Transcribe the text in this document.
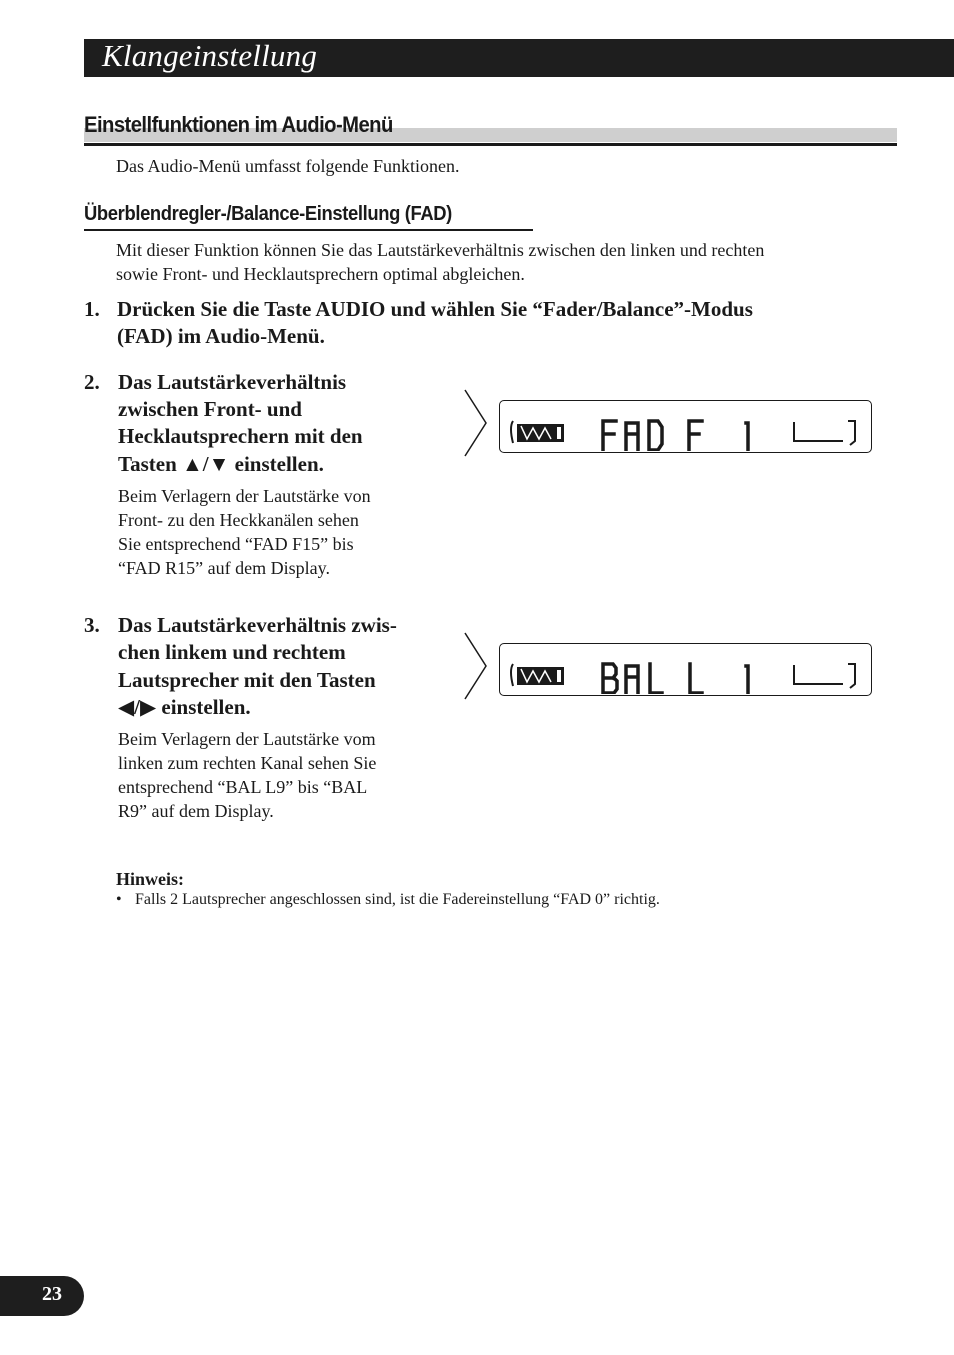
Klangeinstellung
Einstellfunktionen im Audio-Menü
Das Audio-Menü umfasst folgende Funktionen.
Überblendregler-/Balance-Einstellung (FAD)
Mit dieser Funktion können Sie das Lautstärkeverhältnis zwischen den linken und rechten
sowie Front- und Hecklautsprechern optimal abgleichen.
1. Drücken Sie die Taste AUDIO und wählen Sie “Fader/Balance”-Modus
(FAD) im Audio-Menü.
2. Das Lautstärkeverhältnis
zwischen Front- und
Hecklautsprechern mit den
Tasten ▲/▼ einstellen.
Beim Verlagern der Lautstärke von
Front- zu den Heckkanälen sehen
Sie entsprechend “FAD F15” bis
“FAD R15” auf dem Display.
3. Das Lautstärkeverhältnis zwis-
chen linkem und rechtem
Lautsprecher mit den Tasten
◀/▶ einstellen.
Beim Verlagern der Lautstärke vom
linken zum rechten Kanal sehen Sie
entsprechend “BAL L9” bis “BAL
R9” auf dem Display.
Hinweis:
• Falls 2 Lautsprecher angeschlossen sind, ist die Fadereinstellung “FAD 0” richtig.
23
